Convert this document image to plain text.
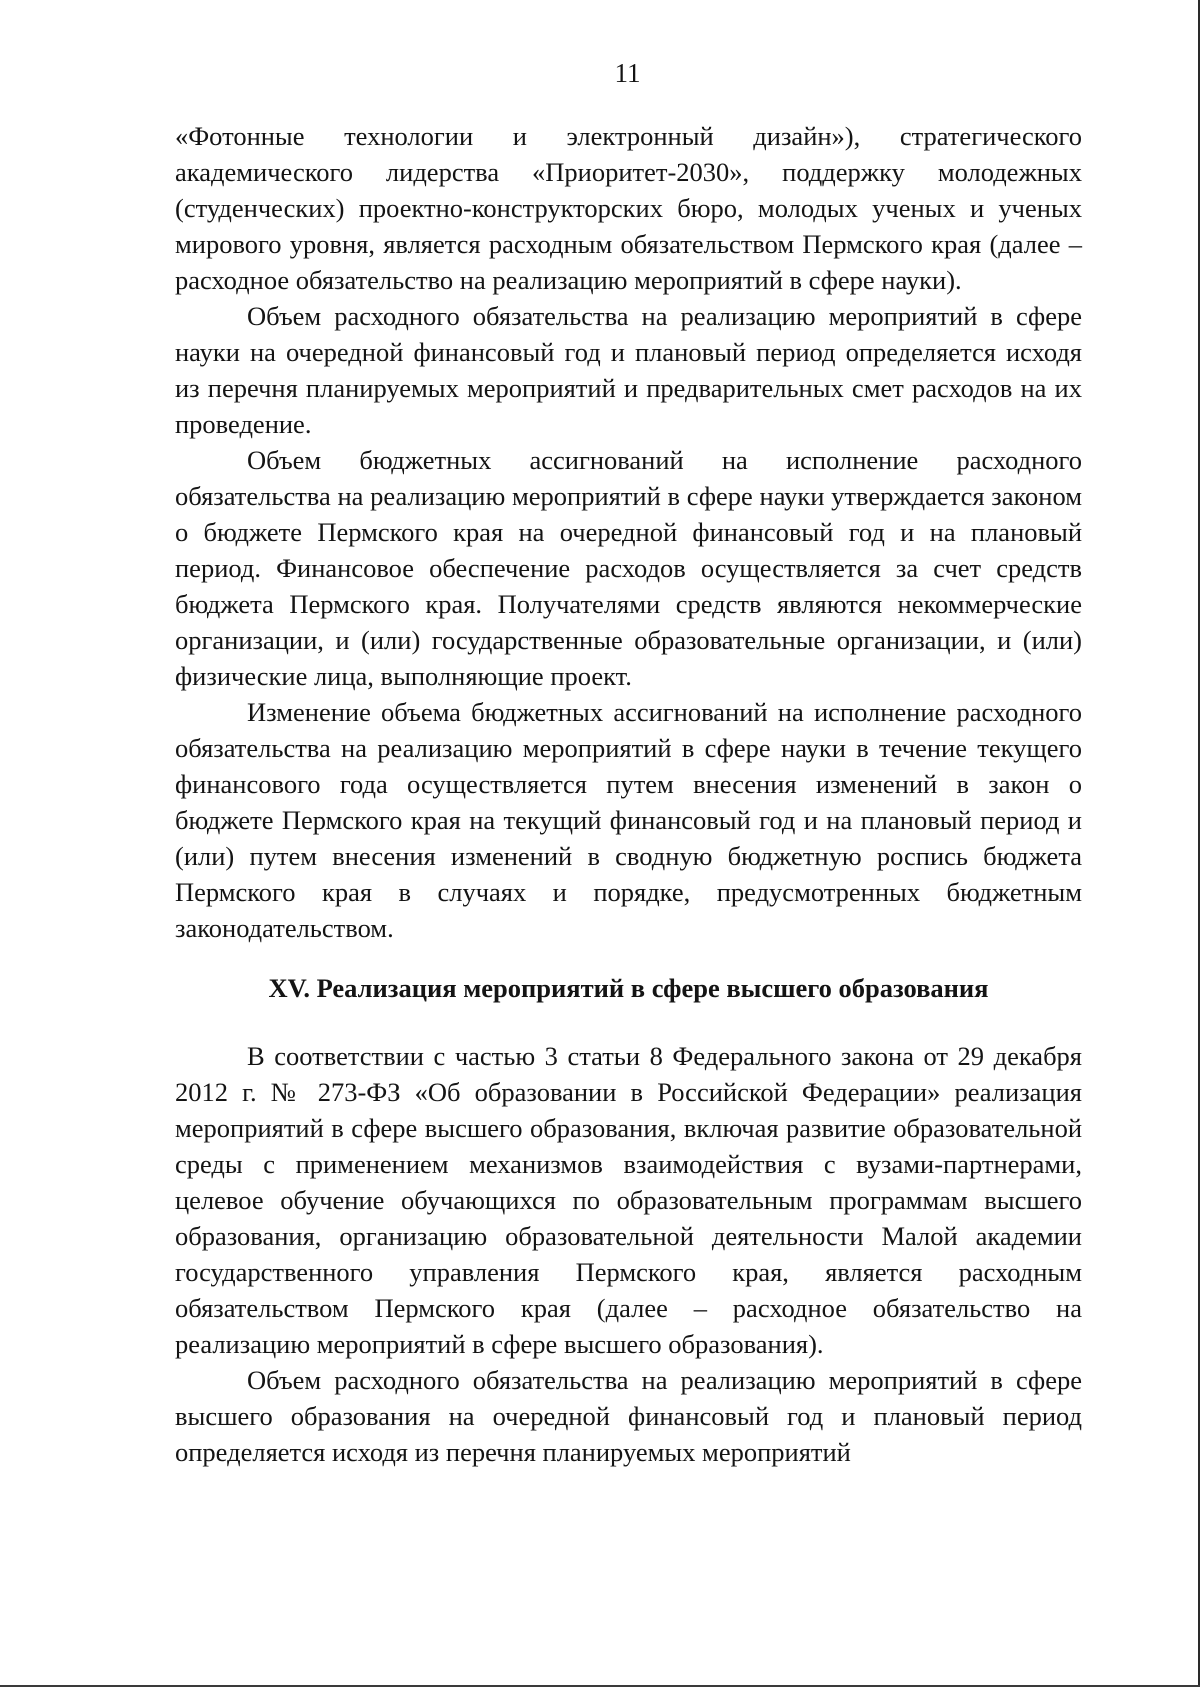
11

«Фотонные технологии и электронный дизайн»), стратегического академического лидерства «Приоритет-2030», поддержку молодежных (студенческих) проектно-конструкторских бюро, молодых ученых и ученых мирового уровня, является расходным обязательством Пермского края (далее – расходное обязательство на реализацию мероприятий в сфере науки).

Объем расходного обязательства на реализацию мероприятий в сфере науки на очередной финансовый год и плановый период определяется исходя из перечня планируемых мероприятий и предварительных смет расходов на их проведение.

Объем бюджетных ассигнований на исполнение расходного обязательства на реализацию мероприятий в сфере науки утверждается законом о бюджете Пермского края на очередной финансовый год и на плановый период. Финансовое обеспечение расходов осуществляется за счет средств бюджета Пермского края. Получателями средств являются некоммерческие организации, и (или) государственные образовательные организации, и (или) физические лица, выполняющие проект.

Изменение объема бюджетных ассигнований на исполнение расходного обязательства на реализацию мероприятий в сфере науки в течение текущего финансового года осуществляется путем внесения изменений в закон о бюджете Пермского края на текущий финансовый год и на плановый период и (или) путем внесения изменений в сводную бюджетную роспись бюджета Пермского края в случаях и порядке, предусмотренных бюджетным законодательством.

XV. Реализация мероприятий в сфере высшего образования

В соответствии с частью 3 статьи 8 Федерального закона от 29 декабря 2012 г. № 273-ФЗ «Об образовании в Российской Федерации» реализация мероприятий в сфере высшего образования, включая развитие образовательной среды с применением механизмов взаимодействия с вузами-партнерами, целевое обучение обучающихся по образовательным программам высшего образования, организацию образовательной деятельности Малой академии государственного управления Пермского края, является расходным обязательством Пермского края (далее – расходное обязательство на реализацию мероприятий в сфере высшего образования).

Объем расходного обязательства на реализацию мероприятий в сфере высшего образования на очередной финансовый год и плановый период определяется исходя из перечня планируемых мероприятий
